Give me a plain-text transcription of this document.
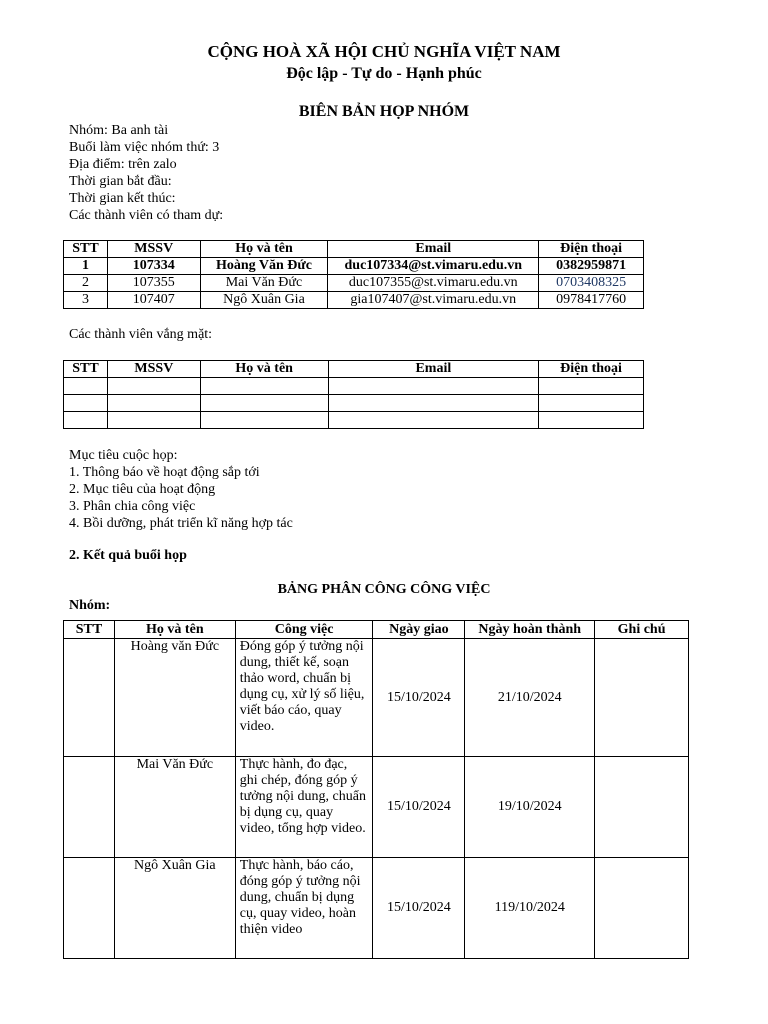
CỘNG HOÀ XÃ HỘI CHỦ NGHĨA VIỆT NAM
Độc lập - Tự do - Hạnh phúc
BIÊN BẢN HỌP NHÓM
Nhóm: Ba anh tài
Buổi làm việc nhóm thứ: 3
Địa điểm: trên zalo
Thời gian bắt đầu:
Thời gian kết thúc:
Các thành viên có tham dự:
STT	MSSV	Họ và tên	Email	Điện thoại
1	107334	Hoàng Văn Đức	duc107334@st.vimaru.edu.vn	0382959871
2	107355	Mai Văn Đức	duc107355@st.vimaru.edu.vn	0703408325
3	107407	Ngô Xuân Gia	gia107407@st.vimaru.edu.vn	0978417760
Các thành viên vắng mặt:
STT	MSSV	Họ và tên	Email	Điện thoại

Mục tiêu cuộc họp:
1. Thông báo về hoạt động sắp tới
2. Mục tiêu của hoạt động
3. Phân chia công việc
4. Bồi dưỡng, phát triển kĩ năng hợp tác
2. Kết quả buổi họp
BẢNG PHÂN CÔNG CÔNG VIỆC
Nhóm:
STT	Họ và tên	Công việc	Ngày giao	Ngày hoàn thành	Ghi chú
	Hoàng văn Đức	Đóng góp ý tưởng nội dung, thiết kế, soạn thảo word, chuẩn bị dụng cụ, xử lý số liệu, viết báo cáo, quay video.	15/10/2024	21/10/2024	
	Mai Văn Đức	Thực hành, đo đạc, ghi chép, đóng góp ý tưởng nội dung, chuẩn bị dụng cụ, quay video, tổng hợp video.	15/10/2024	19/10/2024	
	Ngô Xuân Gia	Thực hành, báo cáo, đóng góp ý tưởng nội dung, chuẩn bị dụng cụ, quay video, hoàn thiện video	15/10/2024	119/10/2024	
